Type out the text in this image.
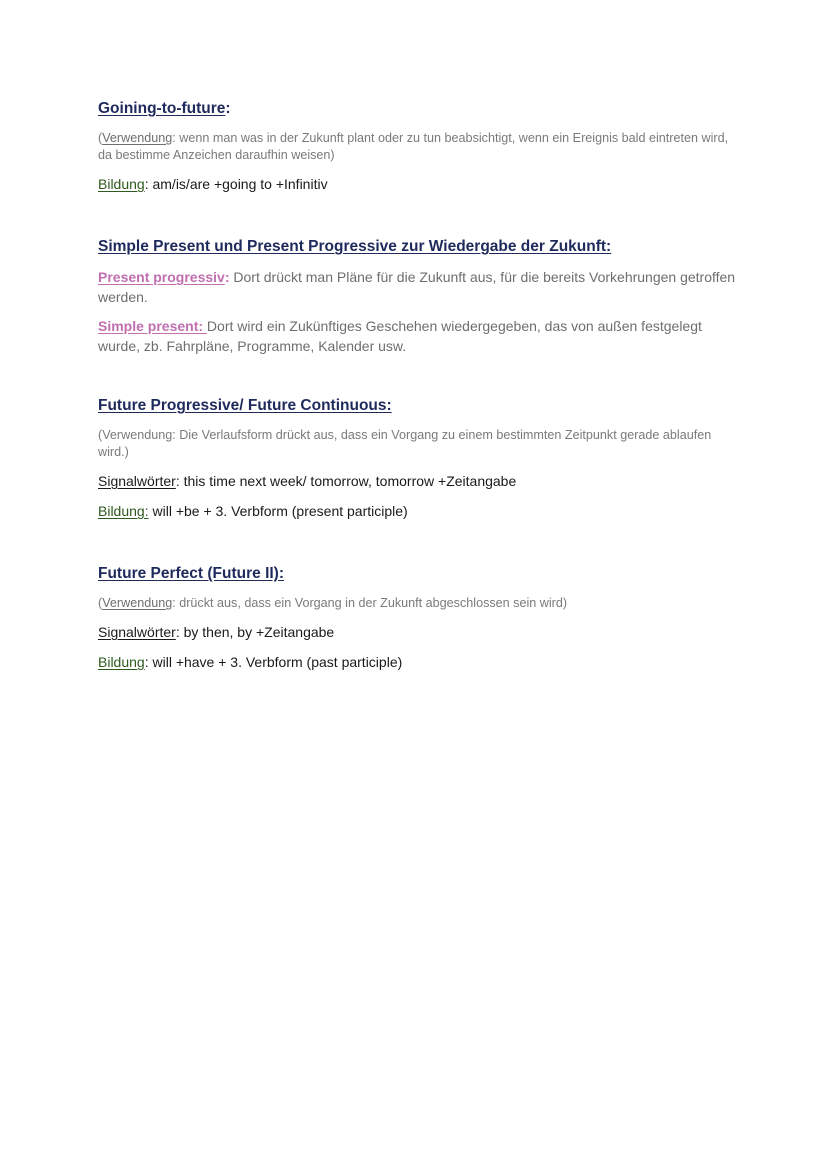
Goining-to-future:

(Verwendung: wenn man was in der Zukunft plant oder zu tun beabsichtigt, wenn ein Ereignis bald eintreten wird, da bestimme Anzeichen daraufhin weisen)

Bildung: am/is/are +going to +Infinitiv

Simple Present und Present Progressive zur Wiedergabe der Zukunft:

Present progressiv: Dort drückt man Pläne für die Zukunft aus, für die bereits Vorkehrungen getroffen werden.

Simple present: Dort wird ein Zukünftiges Geschehen wiedergegeben, das von außen festgelegt wurde, zb. Fahrpläne, Programme, Kalender usw.

Future Progressive/ Future Continuous:

(Verwendung: Die Verlaufsform drückt aus, dass ein Vorgang zu einem bestimmten Zeitpunkt gerade ablaufen wird.)

Signalwörter: this time next week/ tomorrow, tomorrow +Zeitangabe

Bildung: will +be + 3. Verbform (present participle)

Future Perfect (Future II):

(Verwendung: drückt aus, dass ein Vorgang in der Zukunft abgeschlossen sein wird)

Signalwörter: by then, by +Zeitangabe

Bildung: will +have + 3. Verbform (past participle)
